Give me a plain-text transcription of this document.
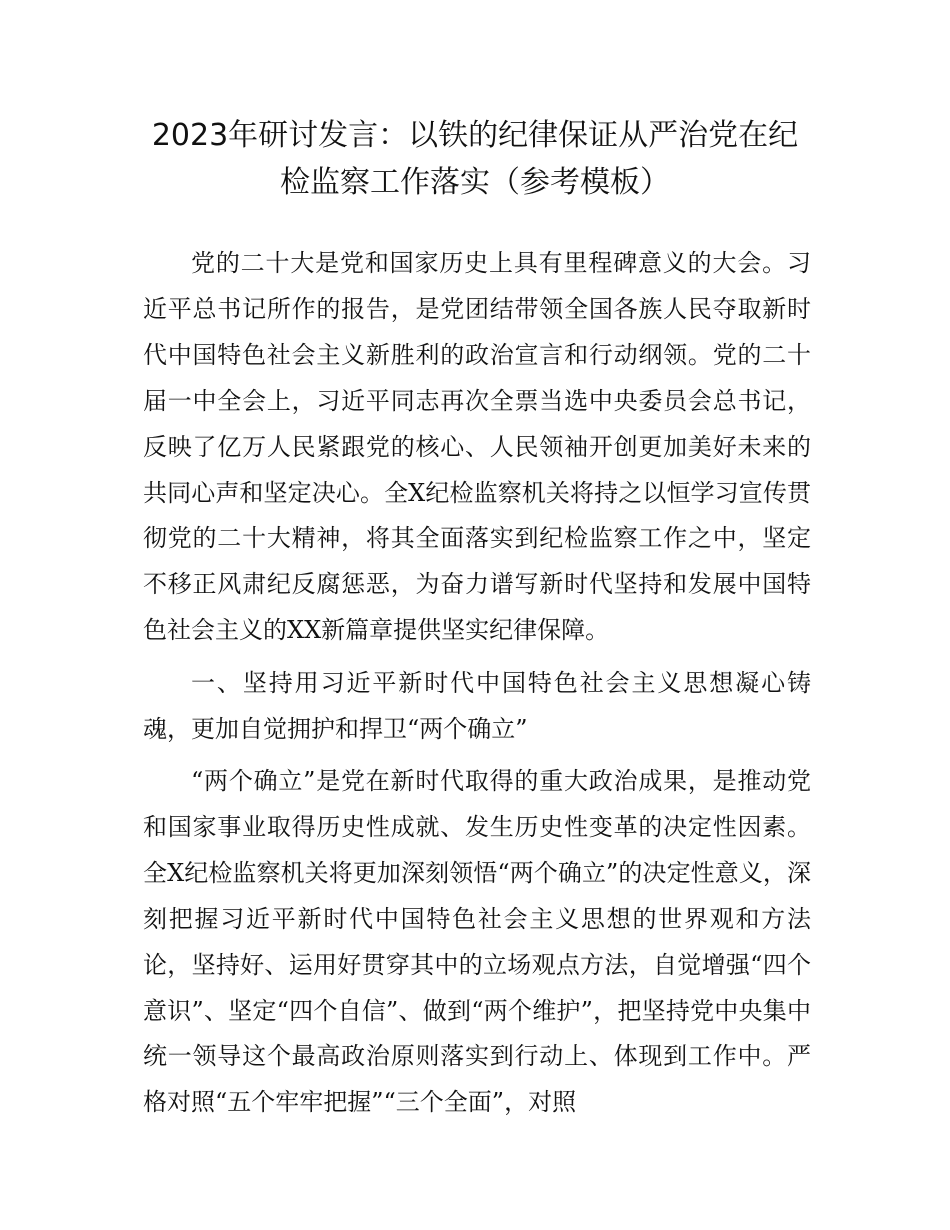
2023年研讨发言：以铁的纪律保证从严治党在纪
检监察工作落实（参考模板）

党的二十大是党和国家历史上具有里程碑意义的大会。习近平总书记所作的报告，是党团结带领全国各族人民夺取新时代中国特色社会主义新胜利的政治宣言和行动纲领。党的二十届一中全会上，习近平同志再次全票当选中央委员会总书记，反映了亿万人民紧跟党的核心、人民领袖开创更加美好未来的共同心声和坚定决心。全X纪检监察机关将持之以恒学习宣传贯彻党的二十大精神，将其全面落实到纪检监察工作之中，坚定不移正风肃纪反腐惩恶，为奋力谱写新时代坚持和发展中国特色社会主义的XX新篇章提供坚实纪律保障。

一、坚持用习近平新时代中国特色社会主义思想凝心铸魂，更加自觉拥护和捍卫“两个确立”

“两个确立”是党在新时代取得的重大政治成果，是推动党和国家事业取得历史性成就、发生历史性变革的决定性因素。全X纪检监察机关将更加深刻领悟“两个确立”的决定性意义，深刻把握习近平新时代中国特色社会主义思想的世界观和方法论，坚持好、运用好贯穿其中的立场观点方法，自觉增强“四个意识”、坚定“四个自信”、做到“两个维护”，把坚持党中央集中统一领导这个最高政治原则落实到行动上、体现到工作中。严格对照“五个牢牢把握”“三个全面”，对照
